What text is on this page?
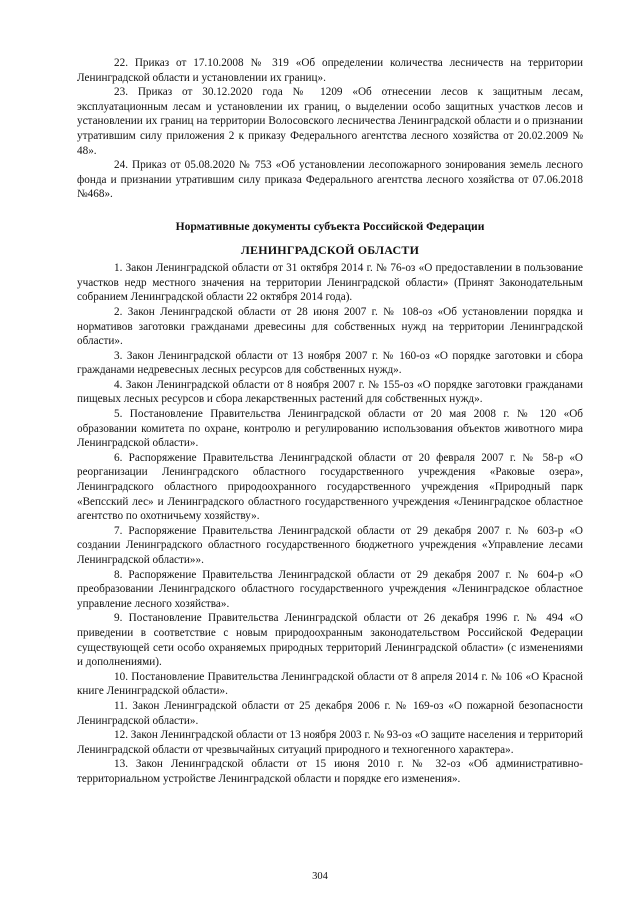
22. Приказ от 17.10.2008 № 319 «Об определении количества лесничеств на территории Ленинградской области и установлении их границ».

23. Приказ от 30.12.2020 года № 1209 «Об отнесении лесов к защитным лесам, эксплуатационным лесам и установлении их границ, о выделении особо защитных участков лесов и установлении их границ на территории Волосовского лесничества Ленинградской области и о признании утратившим силу приложения 2 к приказу Федерального агентства лесного хозяйства от 20.02.2009 № 48».

24. Приказ от 05.08.2020 № 753 «Об установлении лесопожарного зонирования земель лесного фонда и признании утратившим силу приказа Федерального агентства лесного хозяйства от 07.06.2018 №468».

Нормативные документы субъекта Российской Федерации

ЛЕНИНГРАДСКОЙ ОБЛАСТИ

1. Закон Ленинградской области от 31 октября 2014 г. № 76-оз «О предоставлении в пользование участков недр местного значения на территории Ленинградской области» (Принят Законодательным собранием Ленинградской области 22 октября 2014 года).

2. Закон Ленинградской области от 28 июня 2007 г. № 108-оз «Об установлении порядка и нормативов заготовки гражданами древесины для собственных нужд на территории Ленинградской области».

3. Закон Ленинградской области от 13 ноября 2007 г. № 160-оз «О порядке заготовки и сбора гражданами недревесных лесных ресурсов для собственных нужд».

4. Закон Ленинградской области от 8 ноября 2007 г. № 155-оз «О порядке заготовки гражданами пищевых лесных ресурсов и сбора лекарственных растений для собственных нужд».

5. Постановление Правительства Ленинградской области от 20 мая 2008 г. № 120 «Об образовании комитета по охране, контролю и регулированию использования объектов животного мира Ленинградской области».

6. Распоряжение Правительства Ленинградской области от 20 февраля 2007 г. № 58-р «О реорганизации Ленинградского областного государственного учреждения «Раковые озера», Ленинградского областного природоохранного государственного учреждения «Природный парк «Вепсский лес» и Ленинградского областного государственного учреждения «Ленинградское областное агентство по охотничьему хозяйству».

7. Распоряжение Правительства Ленинградской области от 29 декабря 2007 г. № 603-р «О создании Ленинградского областного государственного бюджетного учреждения «Управление лесами Ленинградской области»».

8. Распоряжение Правительства Ленинградской области от 29 декабря 2007 г. № 604-р «О преобразовании Ленинградского областного государственного учреждения «Ленинградское областное управление лесного хозяйства».

9. Постановление Правительства Ленинградской области от 26 декабря 1996 г. № 494 «О приведении в соответствие с новым природоохранным законодательством Российской Федерации существующей сети особо охраняемых природных территорий Ленинградской области» (с изменениями и дополнениями).

10. Постановление Правительства Ленинградской области от 8 апреля 2014 г. № 106 «О Красной книге Ленинградской области».

11. Закон Ленинградской области от 25 декабря 2006 г. № 169-оз «О пожарной безопасности Ленинградской области».

12. Закон Ленинградской области от 13 ноября 2003 г. № 93-оз «О защите населения и территорий Ленинградской области от чрезвычайных ситуаций природного и техногенного характера».

13. Закон Ленинградской области от 15 июня 2010 г. № 32-оз «Об административно-территориальном устройстве Ленинградской области и порядке его изменения».

304
